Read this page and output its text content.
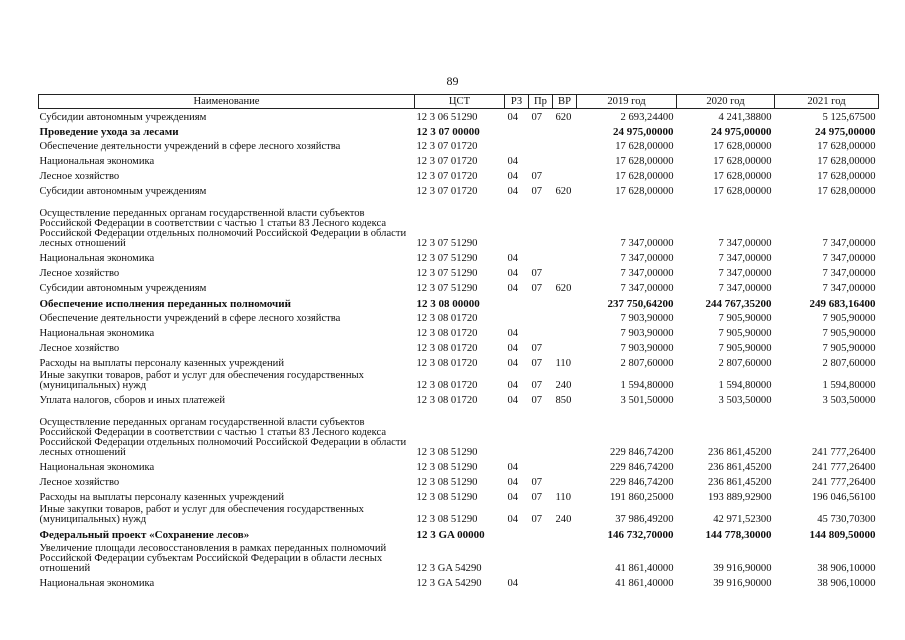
89
Наименование	ЦСТ	РЗ	Пр	ВР	2019 год	2020 год	2021 год
Субсидии автономным учреждениям	12 3 06 51290	04	07	620	2 693,24400	4 241,38800	5 125,67500
Проведение ухода за лесами	12 3 07 00000				24 975,00000	24 975,00000	24 975,00000
Обеспечение деятельности учреждений в сфере лесного хозяйства	12 3 07 01720				17 628,00000	17 628,00000	17 628,00000
Национальная экономика	12 3 07 01720	04			17 628,00000	17 628,00000	17 628,00000
Лесное хозяйство	12 3 07 01720	04	07		17 628,00000	17 628,00000	17 628,00000
Субсидии автономным учреждениям	12 3 07 01720	04	07	620	17 628,00000	17 628,00000	17 628,00000
Осуществление переданных органам государственной власти субъектов Российской Федерации в соответствии с частью 1 статьи 83 Лесного кодекса Российской Федерации отдельных полномочий Российской Федерации в области лесных отношений	12 3 07 51290				7 347,00000	7 347,00000	7 347,00000
Национальная экономика	12 3 07 51290	04			7 347,00000	7 347,00000	7 347,00000
Лесное хозяйство	12 3 07 51290	04	07		7 347,00000	7 347,00000	7 347,00000
Субсидии автономным учреждениям	12 3 07 51290	04	07	620	7 347,00000	7 347,00000	7 347,00000
Обеспечение исполнения переданных полномочий	12 3 08 00000				237 750,64200	244 767,35200	249 683,16400
Обеспечение деятельности учреждений в сфере лесного хозяйства	12 3 08 01720				7 903,90000	7 905,90000	7 905,90000
Национальная экономика	12 3 08 01720	04			7 903,90000	7 905,90000	7 905,90000
Лесное хозяйство	12 3 08 01720	04	07		7 903,90000	7 905,90000	7 905,90000
Расходы на выплаты персоналу казенных учреждений	12 3 08 01720	04	07	110	2 807,60000	2 807,60000	2 807,60000
Иные закупки товаров, работ и услуг для обеспечения государственных (муниципальных) нужд	12 3 08 01720	04	07	240	1 594,80000	1 594,80000	1 594,80000
Уплата налогов, сборов и иных платежей	12 3 08 01720	04	07	850	3 501,50000	3 503,50000	3 503,50000
Осуществление переданных органам государственной власти субъектов Российской Федерации в соответствии с частью 1 статьи 83 Лесного кодекса Российской Федерации отдельных полномочий Российской Федерации в области лесных отношений	12 3 08 51290				229 846,74200	236 861,45200	241 777,26400
Национальная экономика	12 3 08 51290	04			229 846,74200	236 861,45200	241 777,26400
Лесное хозяйство	12 3 08 51290	04	07		229 846,74200	236 861,45200	241 777,26400
Расходы на выплаты персоналу казенных учреждений	12 3 08 51290	04	07	110	191 860,25000	193 889,92900	196 046,56100
Иные закупки товаров, работ и услуг для обеспечения государственных (муниципальных) нужд	12 3 08 51290	04	07	240	37 986,49200	42 971,52300	45 730,70300
Федеральный проект «Сохранение лесов»	12 3 GA 00000				146 732,70000	144 778,30000	144 809,50000
Увеличение площади лесовосстановления в рамках переданных полномочий Российской Федерации субъектам Российской Федерации в области лесных отношений	12 3 GA 54290				41 861,40000	39 916,90000	38 906,10000
Национальная экономика	12 3 GA 54290	04			41 861,40000	39 916,90000	38 906,10000
